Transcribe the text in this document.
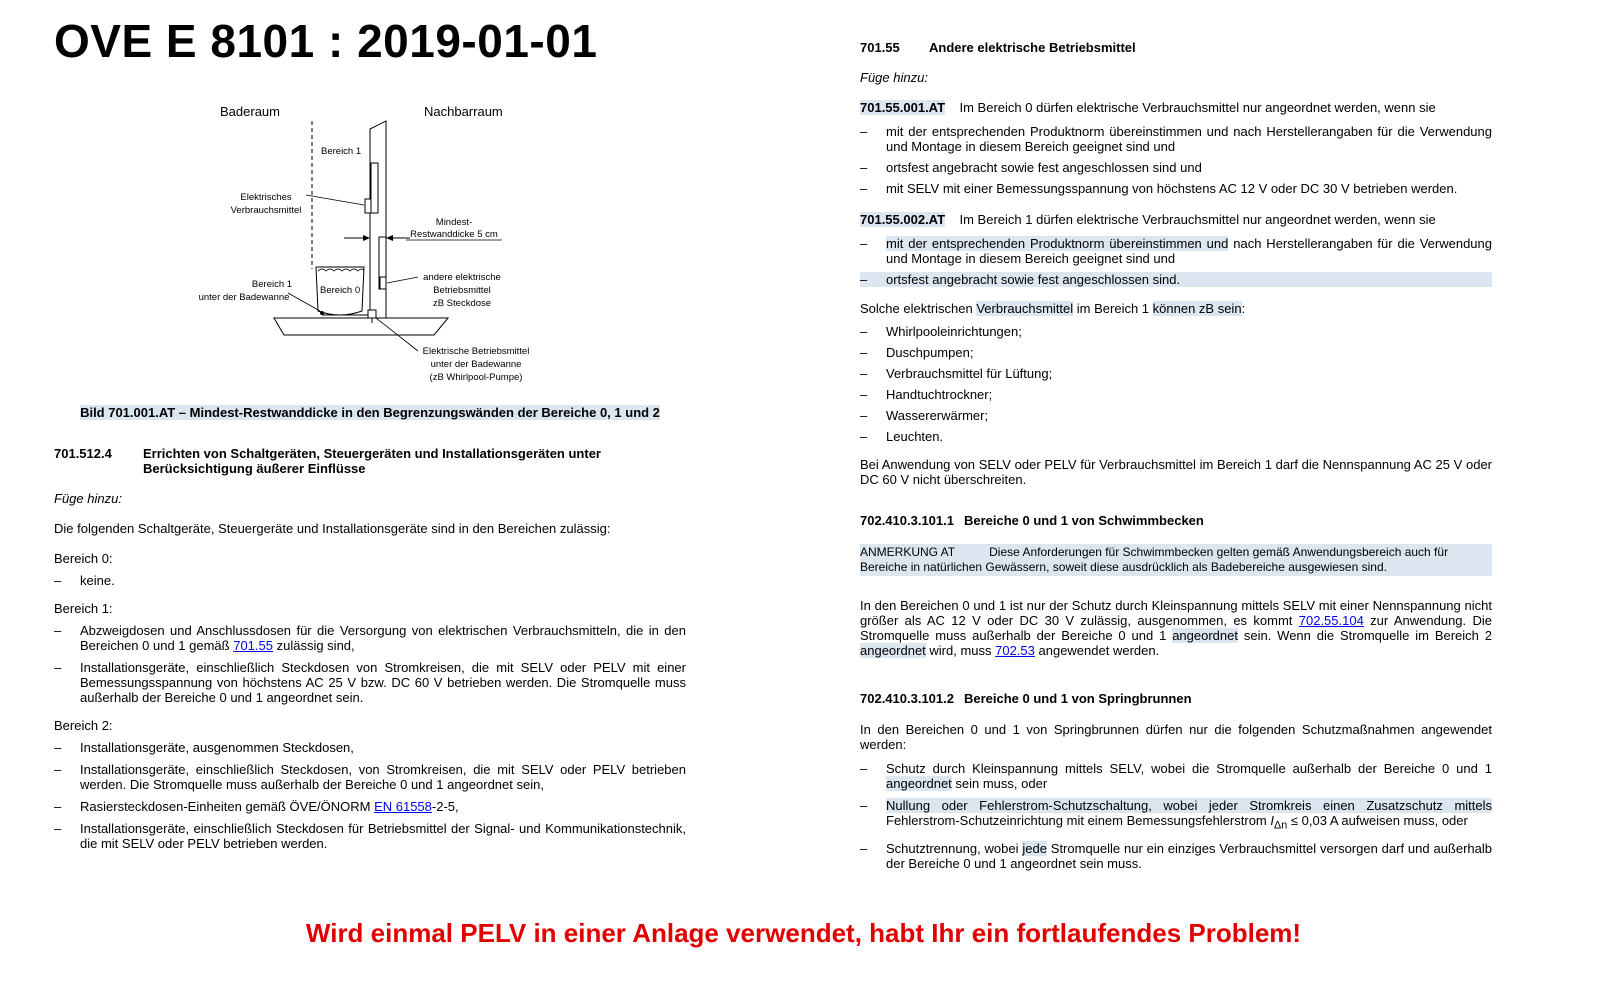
OVE E 8101 : 2019-01-01
Baderaum	Nachbarraum
Bereich 1
Elektrisches
Verbrauchsmittel
Mindest-
Restwanddicke 5 cm
Bereich 1
unter der Badewanne
Bereich 0
andere elektrische
Betriebsmittel
zB Steckdose
Elektrische Betriebsmittel
unter der Badewanne
(zB Whirlpool-Pumpe)

Bild 701.001.AT – Mindest-Restwanddicke in den Begrenzungswänden der Bereiche 0, 1 und 2

701.512.4	Errichten von Schaltgeräten, Steuergeräten und Installationsgeräten unter Berücksichtigung äußerer Einflüsse

Füge hinzu:

Die folgenden Schaltgeräte, Steuergeräte und Installationsgeräte sind in den Bereichen zulässig:

Bereich 0:

– keine.

Bereich 1:

– Abzweigdosen und Anschlussdosen für die Versorgung von elektrischen Verbrauchsmitteln, die in den Bereichen 0 und 1 gemäß 701.55 zulässig sind,
– Installationsgeräte, einschließlich Steckdosen von Stromkreisen, die mit SELV oder PELV mit einer Bemessungsspannung von höchstens AC 25 V bzw. DC 60 V betrieben werden. Die Stromquelle muss außerhalb der Bereiche 0 und 1 angeordnet sein.

Bereich 2:

– Installationsgeräte, ausgenommen Steckdosen,
– Installationsgeräte, einschließlich Steckdosen, von Stromkreisen, die mit SELV oder PELV betrieben werden. Die Stromquelle muss außerhalb der Bereiche 0 und 1 angeordnet sein,
– Rasiersteckdosen-Einheiten gemäß ÖVE/ÖNORM EN 61558-2-5,
– Installationsgeräte, einschließlich Steckdosen für Betriebsmittel der Signal- und Kommunikationstechnik, die mit SELV oder PELV betrieben werden.
701.55	Andere elektrische Betriebsmittel

Füge hinzu:

701.55.001.AT Im Bereich 0 dürfen elektrische Verbrauchsmittel nur angeordnet werden, wenn sie

– mit der entsprechenden Produktnorm übereinstimmen und nach Herstellerangaben für die Verwendung und Montage in diesem Bereich geeignet sind und
– ortsfest angebracht sowie fest angeschlossen sind und
– mit SELV mit einer Bemessungsspannung von höchstens AC 12 V oder DC 30 V betrieben werden.

701.55.002.AT Im Bereich 1 dürfen elektrische Verbrauchsmittel nur angeordnet werden, wenn sie

– mit der entsprechenden Produktnorm übereinstimmen und nach Herstellerangaben für die Verwendung und Montage in diesem Bereich geeignet sind und
– ortsfest angebracht sowie fest angeschlossen sind.

Solche elektrischen Verbrauchsmittel im Bereich 1 können zB sein:

– Whirlpooleinrichtungen;
– Duschpumpen;
– Verbrauchsmittel für Lüftung;
– Handtuchtrockner;
– Wassererwärmer;
– Leuchten.

Bei Anwendung von SELV oder PELV für Verbrauchsmittel im Bereich 1 darf die Nennspannung AC 25 V oder DC 60 V nicht überschreiten.

702.410.3.101.1 Bereiche 0 und 1 von Schwimmbecken
ANMERKUNG AT	Diese Anforderungen für Schwimmbecken gelten gemäß Anwendungsbereich auch für Bereiche in natürlichen Gewässern, soweit diese ausdrücklich als Badebereiche ausgewiesen sind.

In den Bereichen 0 und 1 ist nur der Schutz durch Kleinspannung mittels SELV mit einer Nennspannung nicht größer als AC 12 V oder DC 30 V zulässig, ausgenommen, es kommt 702.55.104 zur Anwendung. Die Stromquelle muss außerhalb der Bereiche 0 und 1 angeordnet sein. Wenn die Stromquelle im Bereich 2 angeordnet wird, muss 702.53 angewendet werden.

702.410.3.101.2 Bereiche 0 und 1 von Springbrunnen

In den Bereichen 0 und 1 von Springbrunnen dürfen nur die folgenden Schutzmaßnahmen angewendet werden:

– Schutz durch Kleinspannung mittels SELV, wobei die Stromquelle außerhalb der Bereiche 0 und 1 angeordnet sein muss, oder
– Nullung oder Fehlerstrom-Schutzschaltung, wobei jeder Stromkreis einen Zusatzschutz mittels Fehlerstrom-Schutzeinrichtung mit einem Bemessungsfehlerstrom $I_{\Delta n} \le 0,03$ A aufweisen muss, oder
– Schutztrennung, wobei jede Stromquelle nur ein einziges Verbrauchsmittel versorgen darf und außerhalb der Bereiche 0 und 1 angeordnet sein muss.
Wird einmal PELV in einer Anlage verwendet, habt Ihr ein fortlaufendes Problem!
